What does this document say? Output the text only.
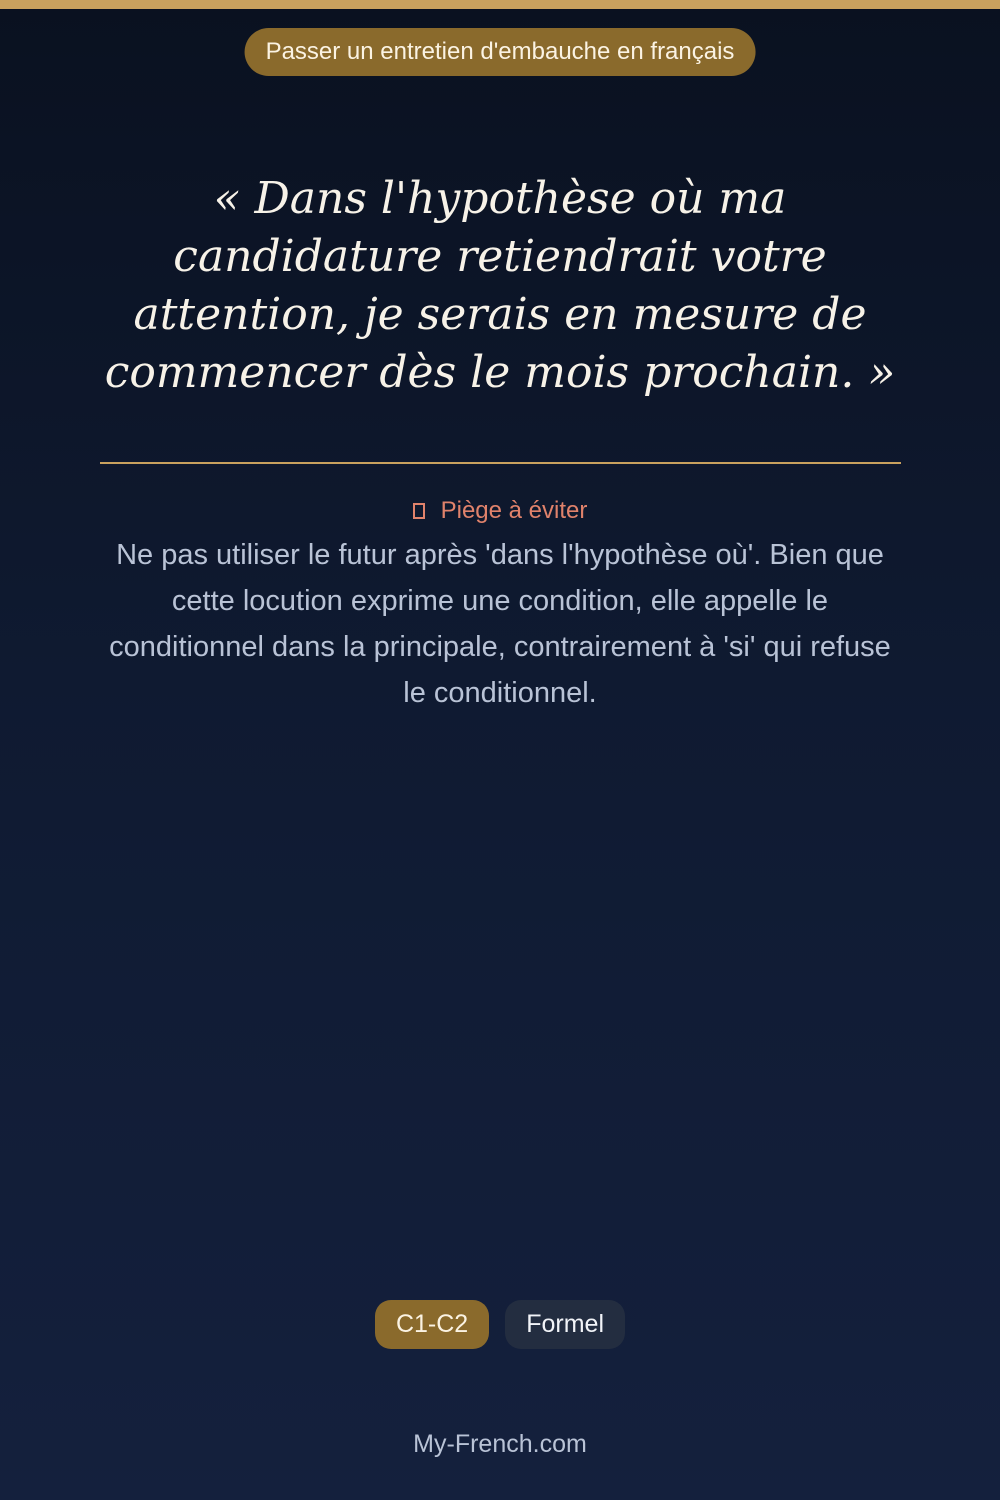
Passer un entretien d'embauche en français

« Dans l'hypothèse où ma candidature retiendrait votre attention, je serais en mesure de commencer dès le mois prochain. »

Piège à éviter

Ne pas utiliser le futur après 'dans l'hypothèse où'. Bien que cette locution exprime une condition, elle appelle le conditionnel dans la principale, contrairement à 'si' qui refuse le conditionnel.

C1-C2 Formel
My-French.com
